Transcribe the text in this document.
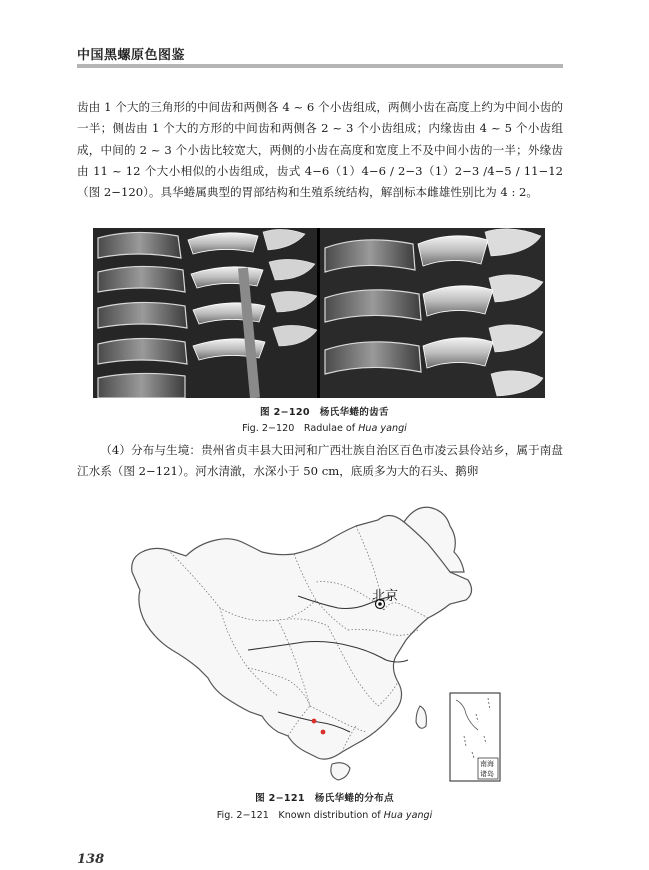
中国黑螺原色图鉴

齿由 1 个大的三角形的中间齿和两侧各 4 ~ 6 个小齿组成，两侧小齿在高度上约为中间小齿的一半；侧齿由 1 个大的方形的中间齿和两侧各 2 ~ 3 个小齿组成；内缘齿由 4 ~ 5 个小齿组成，中间的 2 ~ 3 个小齿比较宽大，两侧的小齿在高度和宽度上不及中间小齿的一半；外缘齿由 11 ~ 12 个大小相似的小齿组成，齿式 4−6（1）4−6 / 2−3（1）2−3 /4−5 / 11−12（图 2−120）。具华蜷属典型的胃部结构和生殖系统结构，解剖标本雌雄性别比为 4 : 2。

图 2−120　杨氏华蜷的齿舌
Fig. 2−120　Radulae of Hua yangi

（4）分布与生境：贵州省贞丰县大田河和广西壮族自治区百色市凌云县伶站乡，属于南盘江水系（图 2−121）。河水清澈，水深小于 50 cm，底质多为大的石头、鹅卵

北京
南海
诸岛
图 2−121　杨氏华蜷的分布点
Fig. 2−121　Known distribution of Hua yangi
138
